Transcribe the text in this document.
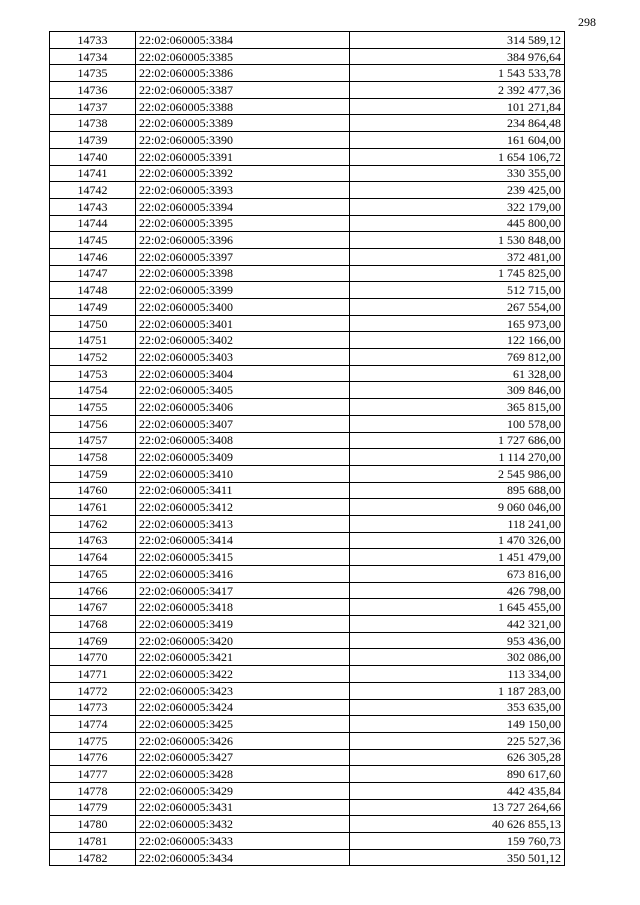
298
14733	22:02:060005:3384	314 589,12
14734	22:02:060005:3385	384 976,64
14735	22:02:060005:3386	1 543 533,78
14736	22:02:060005:3387	2 392 477,36
14737	22:02:060005:3388	101 271,84
14738	22:02:060005:3389	234 864,48
14739	22:02:060005:3390	161 604,00
14740	22:02:060005:3391	1 654 106,72
14741	22:02:060005:3392	330 355,00
14742	22:02:060005:3393	239 425,00
14743	22:02:060005:3394	322 179,00
14744	22:02:060005:3395	445 800,00
14745	22:02:060005:3396	1 530 848,00
14746	22:02:060005:3397	372 481,00
14747	22:02:060005:3398	1 745 825,00
14748	22:02:060005:3399	512 715,00
14749	22:02:060005:3400	267 554,00
14750	22:02:060005:3401	165 973,00
14751	22:02:060005:3402	122 166,00
14752	22:02:060005:3403	769 812,00
14753	22:02:060005:3404	61 328,00
14754	22:02:060005:3405	309 846,00
14755	22:02:060005:3406	365 815,00
14756	22:02:060005:3407	100 578,00
14757	22:02:060005:3408	1 727 686,00
14758	22:02:060005:3409	1 114 270,00
14759	22:02:060005:3410	2 545 986,00
14760	22:02:060005:3411	895 688,00
14761	22:02:060005:3412	9 060 046,00
14762	22:02:060005:3413	118 241,00
14763	22:02:060005:3414	1 470 326,00
14764	22:02:060005:3415	1 451 479,00
14765	22:02:060005:3416	673 816,00
14766	22:02:060005:3417	426 798,00
14767	22:02:060005:3418	1 645 455,00
14768	22:02:060005:3419	442 321,00
14769	22:02:060005:3420	953 436,00
14770	22:02:060005:3421	302 086,00
14771	22:02:060005:3422	113 334,00
14772	22:02:060005:3423	1 187 283,00
14773	22:02:060005:3424	353 635,00
14774	22:02:060005:3425	149 150,00
14775	22:02:060005:3426	225 527,36
14776	22:02:060005:3427	626 305,28
14777	22:02:060005:3428	890 617,60
14778	22:02:060005:3429	442 435,84
14779	22:02:060005:3431	13 727 264,66
14780	22:02:060005:3432	40 626 855,13
14781	22:02:060005:3433	159 760,73
14782	22:02:060005:3434	350 501,12
